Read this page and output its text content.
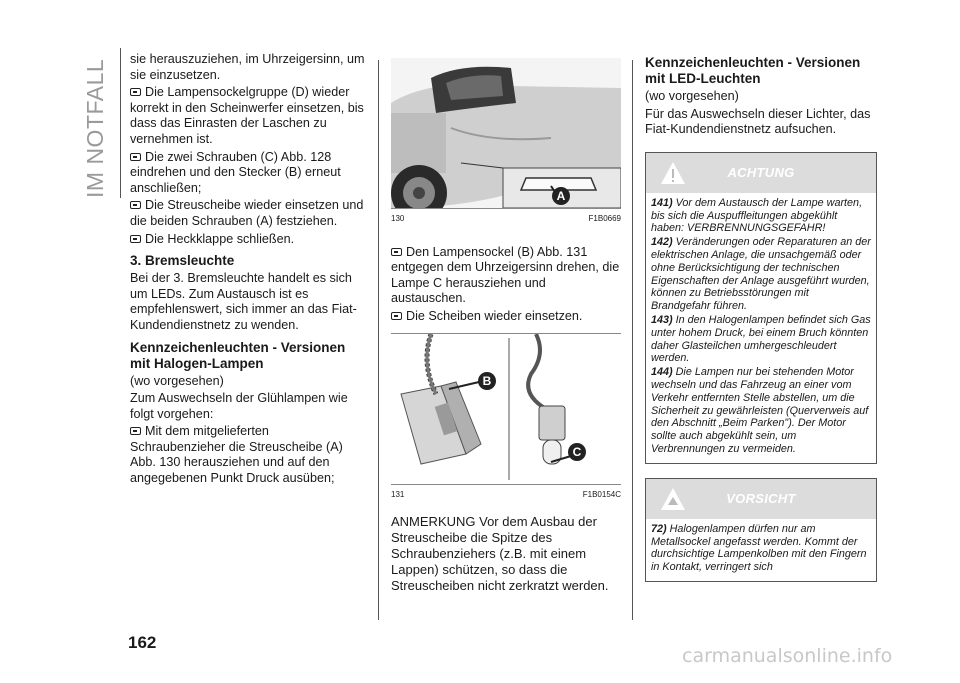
IM NOTFALL sie herauszuziehen, im Uhrzeigersinn, um sie einzusetzen.

Die Lampensockelgruppe (D) wieder korrekt in den Scheinwerfer einsetzen, bis dass das Einrasten der Laschen zu vernehmen ist.

Die zwei Schrauben (C) Abb. 128 eindrehen und den Stecker (B) erneut anschließen;

Die Streuscheibe wieder einsetzen und die beiden Schrauben (A) festziehen.

Die Heckklappe schließen.

3. Bremsleuchte

Bei der 3. Bremsleuchte handelt es sich um LEDs. Zum Austausch ist es empfehlenswert, sich immer an das Fiat-Kundendienstnetz zu wenden.

Kennzeichenleuchten - Versionen mit Halogen-Lampen

(wo vorgesehen)

Zum Auswechseln der Glühlampen wie folgt vorgehen:

Mit dem mitgelieferten Schraubenzieher die Streuscheibe (A) Abb. 130 herausziehen und auf den angegebenen Punkt Druck ausüben;

A
130	F1B0669

Den Lampensockel (B) Abb. 131 entgegen dem Uhrzeigersinn drehen, die Lampe C herausziehen und austauschen.

Die Scheiben wieder einsetzen.

B
C
131	F1B0154C

ANMERKUNG Vor dem Ausbau der Streuscheibe die Spitze des Schraubenziehers (z.B. mit einem Lappen) schützen, so dass die Streuscheiben nicht zerkratzt werden.

Kennzeichenleuchten - Versionen mit LED-Leuchten

(wo vorgesehen)

Für das Auswechseln dieser Lichter, das Fiat-Kundendienstnetz aufsuchen.

ACHTUNG

141) Vor dem Austausch der Lampe warten, bis sich die Auspuffleitungen abgekühlt haben: VERBRENNUNGSGEFAHR!

142) Veränderungen oder Reparaturen an der elektrischen Anlage, die unsachgemäß oder ohne Berücksichtigung der technischen Eigenschaften der Anlage ausgeführt wurden, können zu Betriebsstörungen mit Brandgefahr führen.

143) In den Halogenlampen befindet sich Gas unter hohem Druck, bei einem Bruch könnten daher Glasteilchen umhergeschleudert werden.

144) Die Lampen nur bei stehenden Motor wechseln und das Fahrzeug an einer vom Verkehr entfernten Stelle abstellen, um die Sicherheit zu gewährleisten (Querverweis auf den Abschnitt „Beim Parken"). Der Motor sollte auch abgekühlt sein, um Verbrennungen zu vermeiden.

VORSICHT

72) Halogenlampen dürfen nur am Metallsockel angefasst werden. Kommt der durchsichtige Lampenkolben mit den Fingern in Kontakt, verringert sich

162
carmanualsonline.info
